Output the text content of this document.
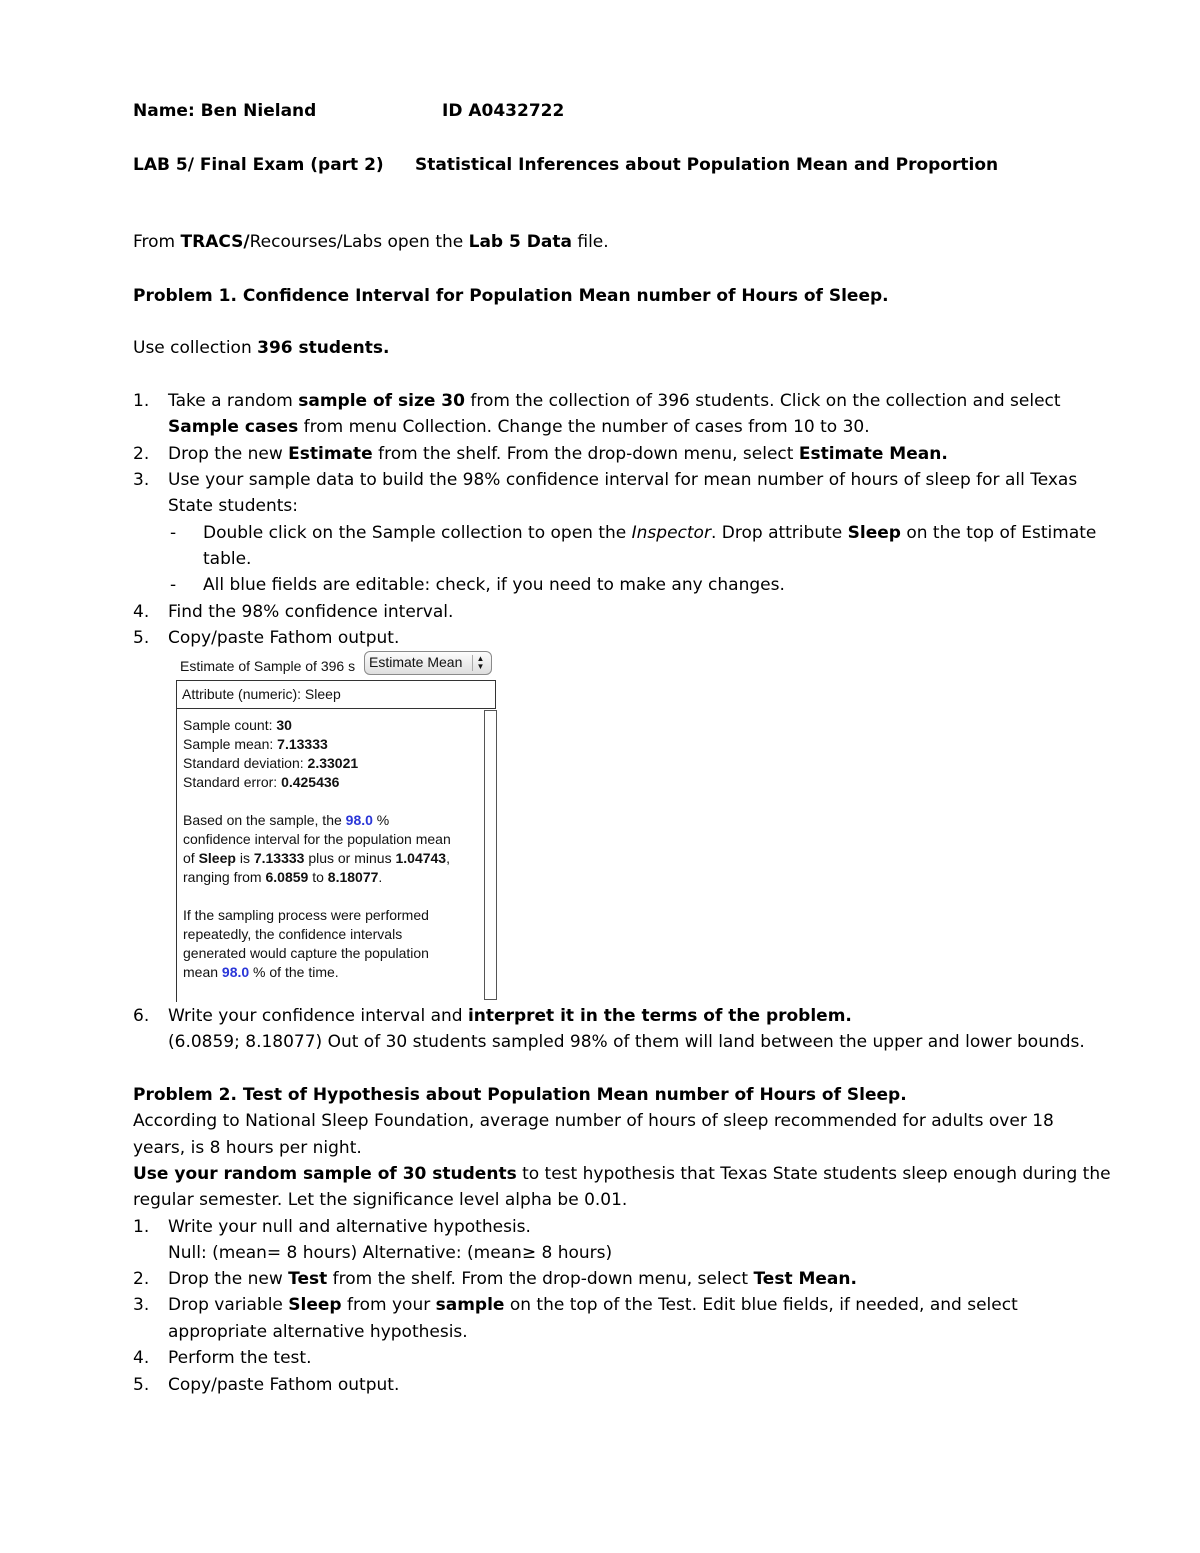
Name: Ben Nieland	ID A0432722
LAB 5/ Final Exam (part 2) Statistical Inferences about Population Mean and Proportion
From TRACS/Recourses/Labs open the Lab 5 Data file.
Problem 1. Confidence Interval for Population Mean number of Hours of Sleep.
Use collection 396 students.
1. Take a random sample of size 30 from the collection of 396 students. Click on the collection and select
Sample cases from menu Collection. Change the number of cases from 10 to 30.
2. Drop the new Estimate from the shelf. From the drop-down menu, select Estimate Mean.
3. Use your sample data to build the 98% confidence interval for mean number of hours of sleep for all Texas
State students:
- Double click on the Sample collection to open the Inspector. Drop attribute Sleep on the top of Estimate
table.
- All blue fields are editable: check, if you need to make any changes.
4. Find the 98% confidence interval.
5. Copy/paste Fathom output.
Estimate of Sample of 396 s Estimate Mean	▲
▼
Attribute (numeric): Sleep
Sample count: 30
Sample mean: 7.13333
Standard deviation: 2.33021
Standard error: 0.425436
Based on the sample, the 98.0 %
confidence interval for the population mean
of Sleep is 7.13333 plus or minus 1.04743,
ranging from 6.0859 to 8.18077.
If the sampling process were performed
repeatedly, the confidence intervals
generated would capture the population
mean 98.0 % of the time.
6. Write your confidence interval and interpret it in the terms of the problem.
(6.0859; 8.18077) Out of 30 students sampled 98% of them will land between the upper and lower bounds.
Problem 2. Test of Hypothesis about Population Mean number of Hours of Sleep.
According to National Sleep Foundation, average number of hours of sleep recommended for adults over 18
years, is 8 hours per night.
Use your random sample of 30 students to test hypothesis that Texas State students sleep enough during the
regular semester. Let the significance level alpha be 0.01.
1. Write your null and alternative hypothesis.
Null: (mean= 8 hours) Alternative: (mean≥ 8 hours)
2. Drop the new Test from the shelf. From the drop-down menu, select Test Mean.
3. Drop variable Sleep from your sample on the top of the Test. Edit blue fields, if needed, and select
appropriate alternative hypothesis.
4. Perform the test.
5. Copy/paste Fathom output.
